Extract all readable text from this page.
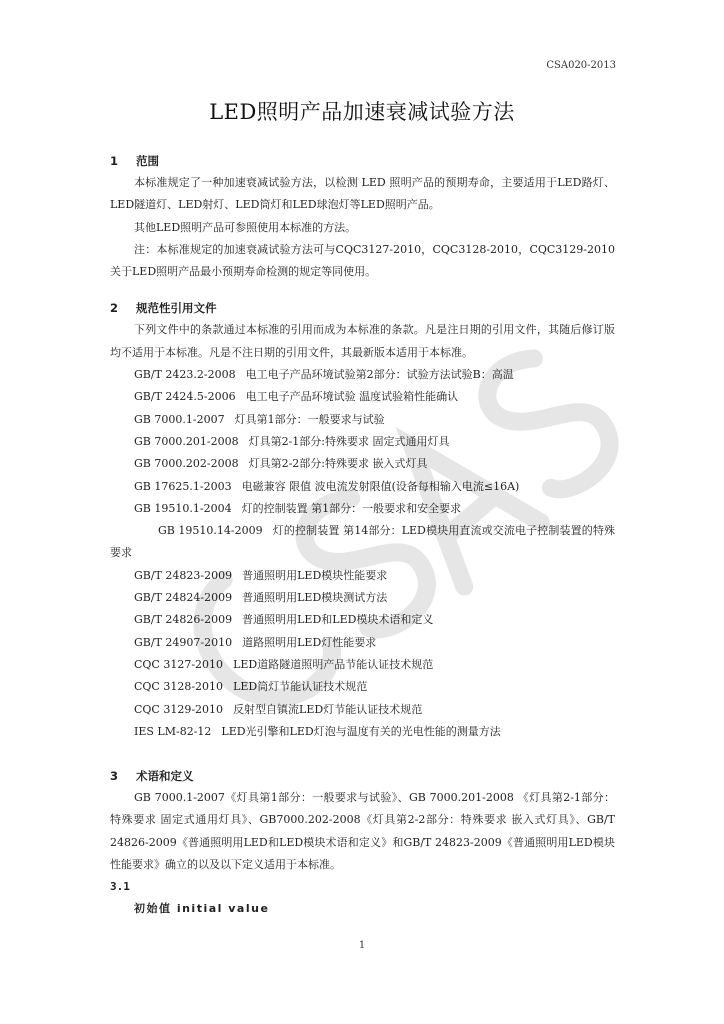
CSA020-2013
LED照明产品加速衰减试验方法
1 范围

本标准规定了一种加速衰减试验方法，以检测 LED 照明产品的预期寿命，主要适用于LED路灯、LED隧道灯、LED射灯、LED筒灯和LED球泡灯等LED照明产品。

其他LED照明产品可参照使用本标准的方法。

注：本标准规定的加速衰减试验方法可与CQC3127-2010，CQC3128-2010，CQC3129-2010关于LED照明产品最小预期寿命检测的规定等同使用。

2 规范性引用文件

下列文件中的条款通过本标准的引用而成为本标准的条款。凡是注日期的引用文件，其随后修订版均不适用于本标准。凡是不注日期的引用文件，其最新版本适用于本标准。

GB/T 2423.2-2008 电工电子产品环境试验第2部分：试验方法试验B：高温
GB/T 2424.5-2006 电工电子产品环境试验 温度试验箱性能确认
GB 7000.1-2007 灯具第1部分：一般要求与试验
GB 7000.201-2008 灯具第2-1部分:特殊要求 固定式通用灯具
GB 7000.202-2008 灯具第2-2部分:特殊要求 嵌入式灯具
GB 17625.1-2003 电磁兼容 限值 波电流发射限值(设备每相输入电流≤16A)
GB 19510.1-2004 灯的控制装置 第1部分：一般要求和安全要求
GB 19510.14-2009 灯的控制装置 第14部分：LED模块用直流或交流电子控制装置的特殊要求
GB/T 24823-2009 普通照明用LED模块性能要求
GB/T 24824-2009 普通照明用LED模块测试方法
GB/T 24826-2009 普通照明用LED和LED模块术语和定义
GB/T 24907-2010 道路照明用LED灯性能要求
CQC 3127-2010 LED道路隧道照明产品节能认证技术规范
CQC 3128-2010 LED筒灯节能认证技术规范
CQC 3129-2010 反射型自镇流LED灯节能认证技术规范
IES LM-82-12 LED光引擎和LED灯泡与温度有关的光电性能的测量方法
3 术语和定义

GB 7000.1-2007《灯具第1部分：一般要求与试验》、GB 7000.201-2008 《灯具第2-1部分：特殊要求 固定式通用灯具》、GB7000.202-2008《灯具第2-2部分：特殊要求 嵌入式灯具》、GB/T 24826-2009《普通照明用LED和LED模块术语和定义》和GB/T 24823-2009《普通照明用LED模块性能要求》确立的以及以下定义适用于本标准。

3.1
初始值 initial value
1
